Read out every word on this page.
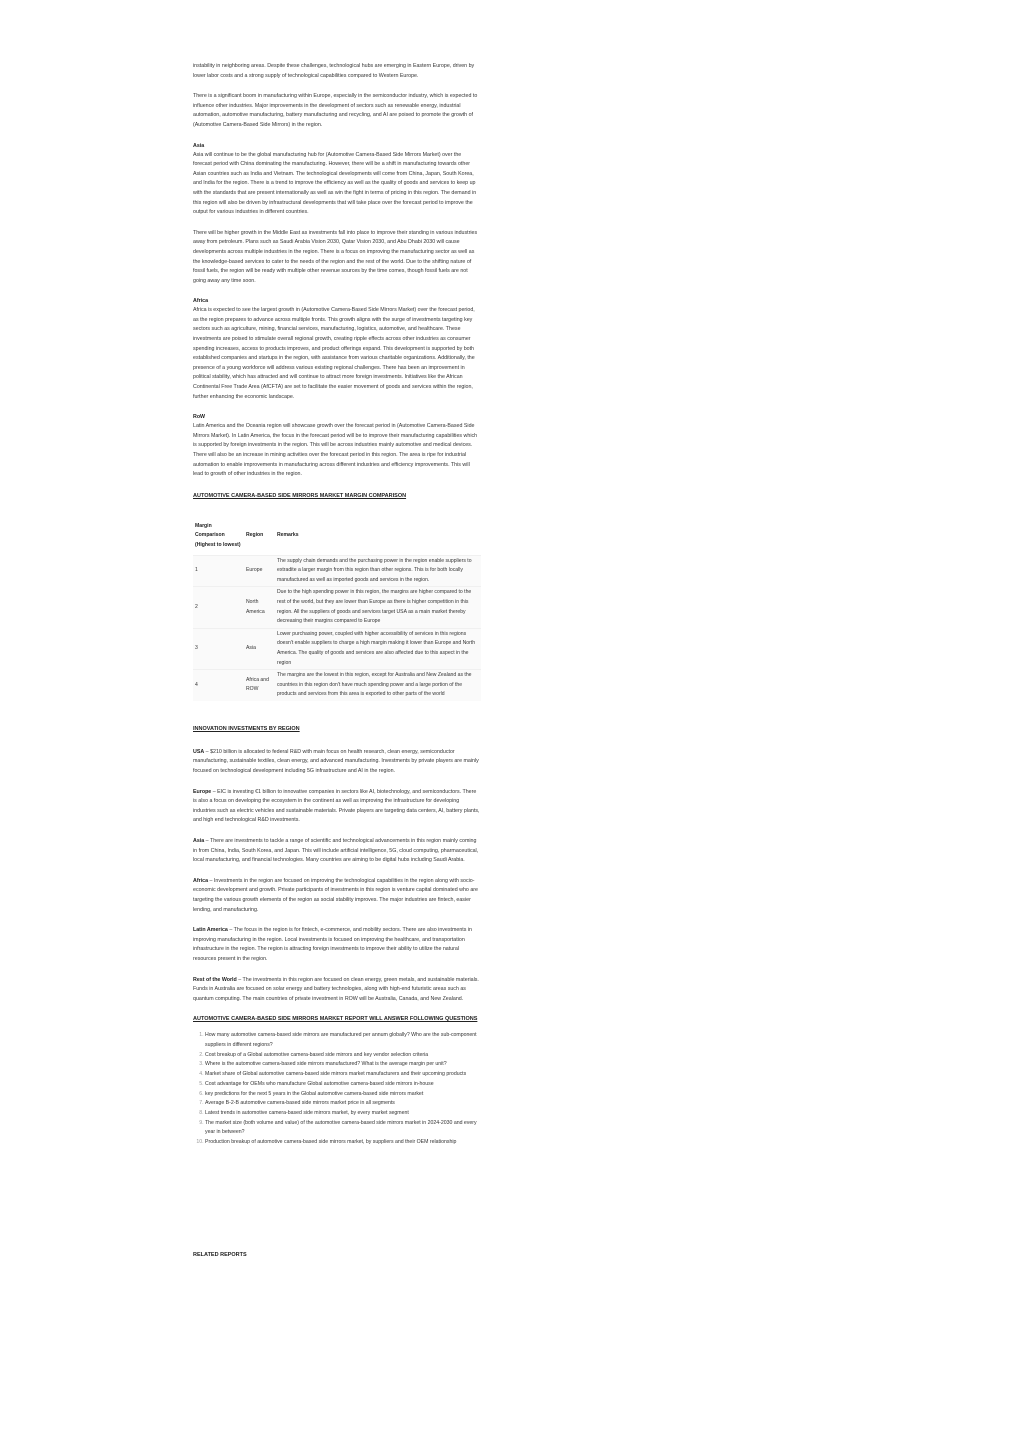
instability in neighboring areas. Despite these challenges, technological hubs are emerging in Eastern Europe, driven by lower labor costs and a strong supply of technological capabilities compared to Western Europe.

There is a significant boom in manufacturing within Europe, especially in the semiconductor industry, which is expected to influence other industries. Major improvements in the development of sectors such as renewable energy, industrial automation, automotive manufacturing, battery manufacturing and recycling, and AI are poised to promote the growth of (Automotive Camera-Based Side Mirrors) in the region.

Asia

Asia will continue to be the global manufacturing hub for (Automotive Camera-Based Side Mirrors Market) over the forecast period with China dominating the manufacturing. However, there will be a shift in manufacturing towards other Asian countries such as India and Vietnam. The technological developments will come from China, Japan, South Korea, and India for the region. There is a trend to improve the efficiency as well as the quality of goods and services to keep up with the standards that are present internationally as well as win the fight in terms of pricing in this region. The demand in this region will also be driven by infrastructural developments that will take place over the forecast period to improve the output for various industries in different countries.

There will be higher growth in the Middle East as investments fall into place to improve their standing in various industries away from petroleum. Plans such as Saudi Arabia Vision 2030, Qatar Vision 2030, and Abu Dhabi 2030 will cause developments across multiple industries in the region. There is a focus on improving the manufacturing sector as well as the knowledge-based services to cater to the needs of the region and the rest of the world. Due to the shifting nature of fossil fuels, the region will be ready with multiple other revenue sources by the time comes, though fossil fuels are not going away any time soon.

Africa

Africa is expected to see the largest growth in (Automotive Camera-Based Side Mirrors Market) over the forecast period, as the region prepares to advance across multiple fronts. This growth aligns with the surge of investments targeting key sectors such as agriculture, mining, financial services, manufacturing, logistics, automotive, and healthcare. These investments are poised to stimulate overall regional growth, creating ripple effects across other industries as consumer spending increases, access to products improves, and product offerings expand. This development is supported by both established companies and startups in the region, with assistance from various charitable organizations. Additionally, the presence of a young workforce will address various existing regional challenges. There has been an improvement in political stability, which has attracted and will continue to attract more foreign investments. Initiatives like the African Continental Free Trade Area (AfCFTA) are set to facilitate the easier movement of goods and services within the region, further enhancing the economic landscape.

RoW

Latin America and the Oceania region will showcase growth over the forecast period in (Automotive Camera-Based Side Mirrors Market). In Latin America, the focus in the forecast period will be to improve their manufacturing capabilities which is supported by foreign investments in the region. This will be across industries mainly automotive and medical devices. There will also be an increase in mining activities over the forecast period in this region. The area is ripe for industrial automation to enable improvements in manufacturing across different industries and efficiency improvements. This will lead to growth of other industries in the region.

AUTOMOTIVE CAMERA-BASED SIDE MIRRORS MARKET MARGIN COMPARISON
Margin Comparison (Highest to lowest)	Region	Remarks
1	Europe	The supply chain demands and the purchasing power in the region enable suppliers to extradite a larger margin from this region than other regions. This is for both locally manufactured as well as imported goods and services in the region.
2	North America	Due to the high spending power in this region, the margins are higher compared to the rest of the world, but they are lower than Europe as there is higher competition in this region. All the suppliers of goods and services target USA as a main market thereby decreasing their margins compared to Europe
3	Asia	Lower purchasing power, coupled with higher accessibility of services in this regions doesn't enable suppliers to charge a high margin making it lower than Europe and North America. The quality of goods and services are also affected due to this aspect in the region
4	Africa and ROW	The margins are the lowest in this region, except for Australia and New Zealand as the countries in this region don't have much spending power and a large portion of the products and services from this area is exported to other parts of the world
INNOVATION INVESTMENTS BY REGION

USA – $210 billion is allocated to federal R&D with main focus on health research, clean energy, semiconductor manufacturing, sustainable textiles, clean energy, and advanced manufacturing. Investments by private players are mainly focused on technological development including 5G infrastructure and AI in the region.

Europe – EIC is investing €1 billion to innovative companies in sectors like AI, biotechnology, and semiconductors. There is also a focus on developing the ecosystem in the continent as well as improving the infrastructure for developing industries such as electric vehicles and sustainable materials. Private players are targeting data centers, AI, battery plants, and high end technological R&D investments.

Asia – There are investments to tackle a range of scientific and technological advancements in this region mainly coming in from China, India, South Korea, and Japan. This will include artificial intelligence, 5G, cloud computing, pharmaceutical, local manufacturing, and financial technologies. Many countries are aiming to be digital hubs including Saudi Arabia.

Africa – Investments in the region are focused on improving the technological capabilities in the region along with socio-economic development and growth. Private participants of investments in this region is venture capital dominated who are targeting the various growth elements of the region as social stability improves. The major industries are fintech, easier lending, and manufacturing.

Latin America – The focus in the region is for fintech, e-commerce, and mobility sectors. There are also investments in improving manufacturing in the region. Local investments is focused on improving the healthcare, and transportation infrastructure in the region. The region is attracting foreign investments to improve their ability to utilize the natural resources present in the region.

Rest of the World – The investments in this region are focused on clean energy, green metals, and sustainable materials. Funds in Australia are focused on solar energy and battery technologies, along with high-end futuristic areas such as quantum computing. The main countries of private investment in ROW will be Australia, Canada, and New Zealand.

AUTOMOTIVE CAMERA-BASED SIDE MIRRORS MARKET REPORT WILL ANSWER FOLLOWING QUESTIONS
1. How many automotive camera-based side mirrors are manufactured per annum globally? Who are the sub-component suppliers in different regions?
2. Cost breakup of a Global automotive camera-based side mirrors and key vendor selection criteria
3. Where is the automotive camera-based side mirrors manufactured? What is the average margin per unit?
4. Market share of Global automotive camera-based side mirrors market manufacturers and their upcoming products
5. Cost advantage for OEMs who manufacture Global automotive camera-based side mirrors in-house
6. key predictions for the next 5 years in the Global automotive camera-based side mirrors market
7. Average B-2-B automotive camera-based side mirrors market price in all segments
8. Latest trends in automotive camera-based side mirrors market, by every market segment
9. The market size (both volume and value) of the automotive camera-based side mirrors market in 2024-2030 and every year in between?
10. Production breakup of automotive camera-based side mirrors market, by suppliers and their OEM relationship
RELATED REPORTS
